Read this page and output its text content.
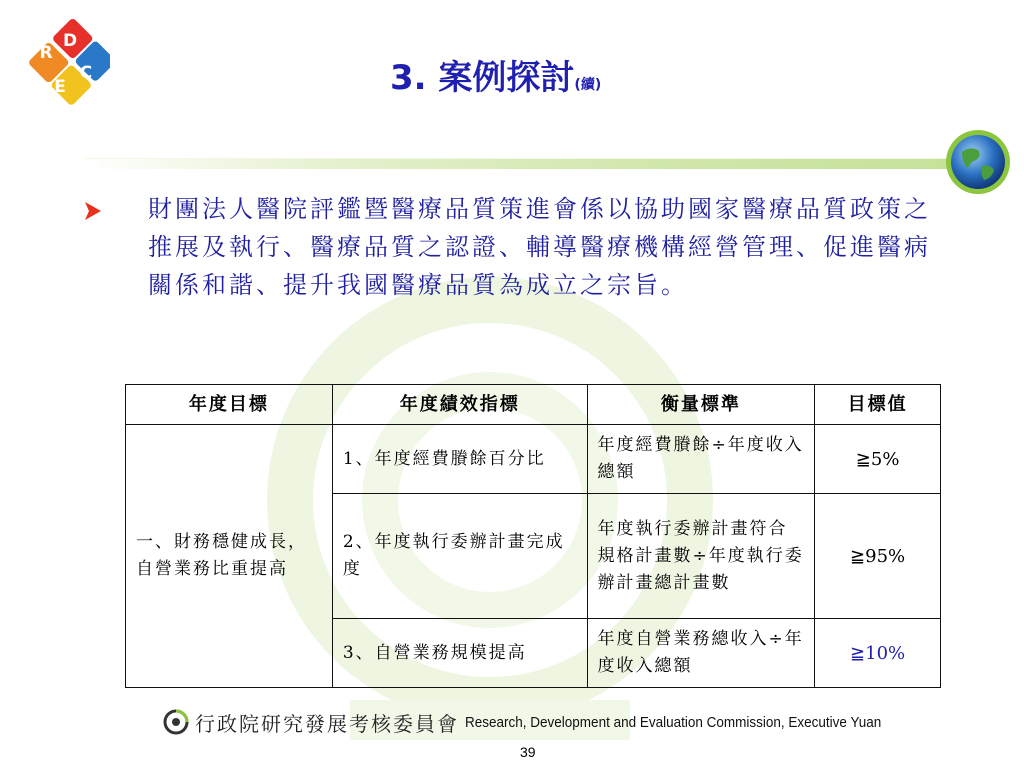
R
D
E
C	3. 案例探討(續)
財團法人醫院評鑑暨醫療品質策進會係以協助國家醫療品質政策之推展及執行、醫療品質之認證、輔導醫療機構經營管理、促進醫病關係和諧、提升我國醫療品質為成立之宗旨。
年度目標	年度績效指標	衡量標準	目標值
一、財務穩健成長，自營業務比重提高	1、年度經費賸餘百分比	年度經費賸餘÷年度收入總額	≧5%
	2、年度執行委辦計畫完成度	年度執行委辦計畫符合規格計畫數÷年度執行委辦計畫總計畫數	≧95%
	3、自營業務規模提高	年度自營業務總收入÷年度收入總額	≧10%
行政院研究發展考核委員會 Research, Development and Evaluation Commission, Executive Yuan
39
